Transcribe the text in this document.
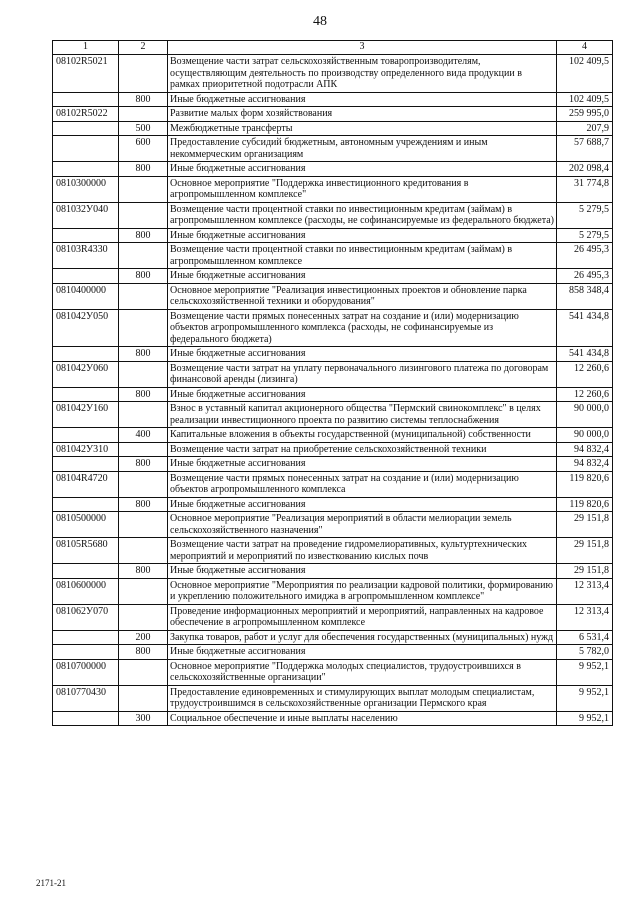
48
1	2	3	4
08102R5021		Возмещение части затрат сельскохозяйственным товаропроизводителям, осуществляющим деятельность по производству определенного вида продукции в рамках приоритетной подотрасли АПК	102 409,5
	800	Иные бюджетные ассигнования	102 409,5
08102R5022		Развитие малых форм хозяйствования	259 995,0
	500	Межбюджетные трансферты	207,9
	600	Предоставление субсидий бюджетным, автономным учреждениям и иным некоммерческим организациям	57 688,7
	800	Иные бюджетные ассигнования	202 098,4
0810300000		Основное мероприятие "Поддержка инвестиционного кредитования в агропромышленном комплексе"	31 774,8
081032У040		Возмещение части процентной ставки по инвестиционным кредитам (займам) в агропромышленном комплексе (расходы, не софинансируемые из федерального бюджета)	5 279,5
	800	Иные бюджетные ассигнования	5 279,5
08103R4330		Возмещение части процентной ставки по инвестиционным кредитам (займам) в агропромышленном комплексе	26 495,3
	800	Иные бюджетные ассигнования	26 495,3
0810400000		Основное мероприятие "Реализация инвестиционных проектов и обновление парка сельскохозяйственной техники и оборудования"	858 348,4
081042У050		Возмещение части прямых понесенных затрат на создание и (или) модернизацию объектов агропромышленного комплекса (расходы, не софинансируемые из федерального бюджета)	541 434,8
	800	Иные бюджетные ассигнования	541 434,8
081042У060		Возмещение части затрат на уплату первоначального лизингового платежа по договорам финансовой аренды (лизинга)	12 260,6
	800	Иные бюджетные ассигнования	12 260,6
081042У160		Взнос в уставный капитал акционерного общества "Пермский свинокомплекс" в целях реализации инвестиционного проекта по развитию системы теплоснабжения	90 000,0
	400	Капитальные вложения в объекты государственной (муниципальной) собственности	90 000,0
081042У310		Возмещение части затрат на приобретение сельскохозяйственной техники	94 832,4
	800	Иные бюджетные ассигнования	94 832,4
08104R4720		Возмещение части прямых понесенных затрат на создание и (или) модернизацию объектов агропромышленного комплекса	119 820,6
	800	Иные бюджетные ассигнования	119 820,6
0810500000		Основное мероприятие "Реализация мероприятий в области мелиорации земель сельскохозяйственного назначения"	29 151,8
08105R5680		Возмещение части затрат на проведение гидромелиоративных, культуртехнических мероприятий и мероприятий по известкованию кислых почв	29 151,8
	800	Иные бюджетные ассигнования	29 151,8
0810600000		Основное мероприятие "Мероприятия по реализации кадровой политики, формированию и укреплению положительного имиджа в агропромышленном комплексе"	12 313,4
081062У070		Проведение информационных мероприятий и мероприятий, направленных на кадровое обеспечение в агропромышленном комплексе	12 313,4
	200	Закупка товаров, работ и услуг для обеспечения государственных (муниципальных) нужд	6 531,4
	800	Иные бюджетные ассигнования	5 782,0
0810700000		Основное мероприятие "Поддержка молодых специалистов, трудоустроившихся в сельскохозяйственные организации"	9 952,1
0810770430		Предоставление единовременных и стимулирующих выплат молодым специалистам, трудоустроившимся в сельскохозяйственные организации Пермского края	9 952,1
	300	Социальное обеспечение и иные выплаты населению	9 952,1
2171-21
